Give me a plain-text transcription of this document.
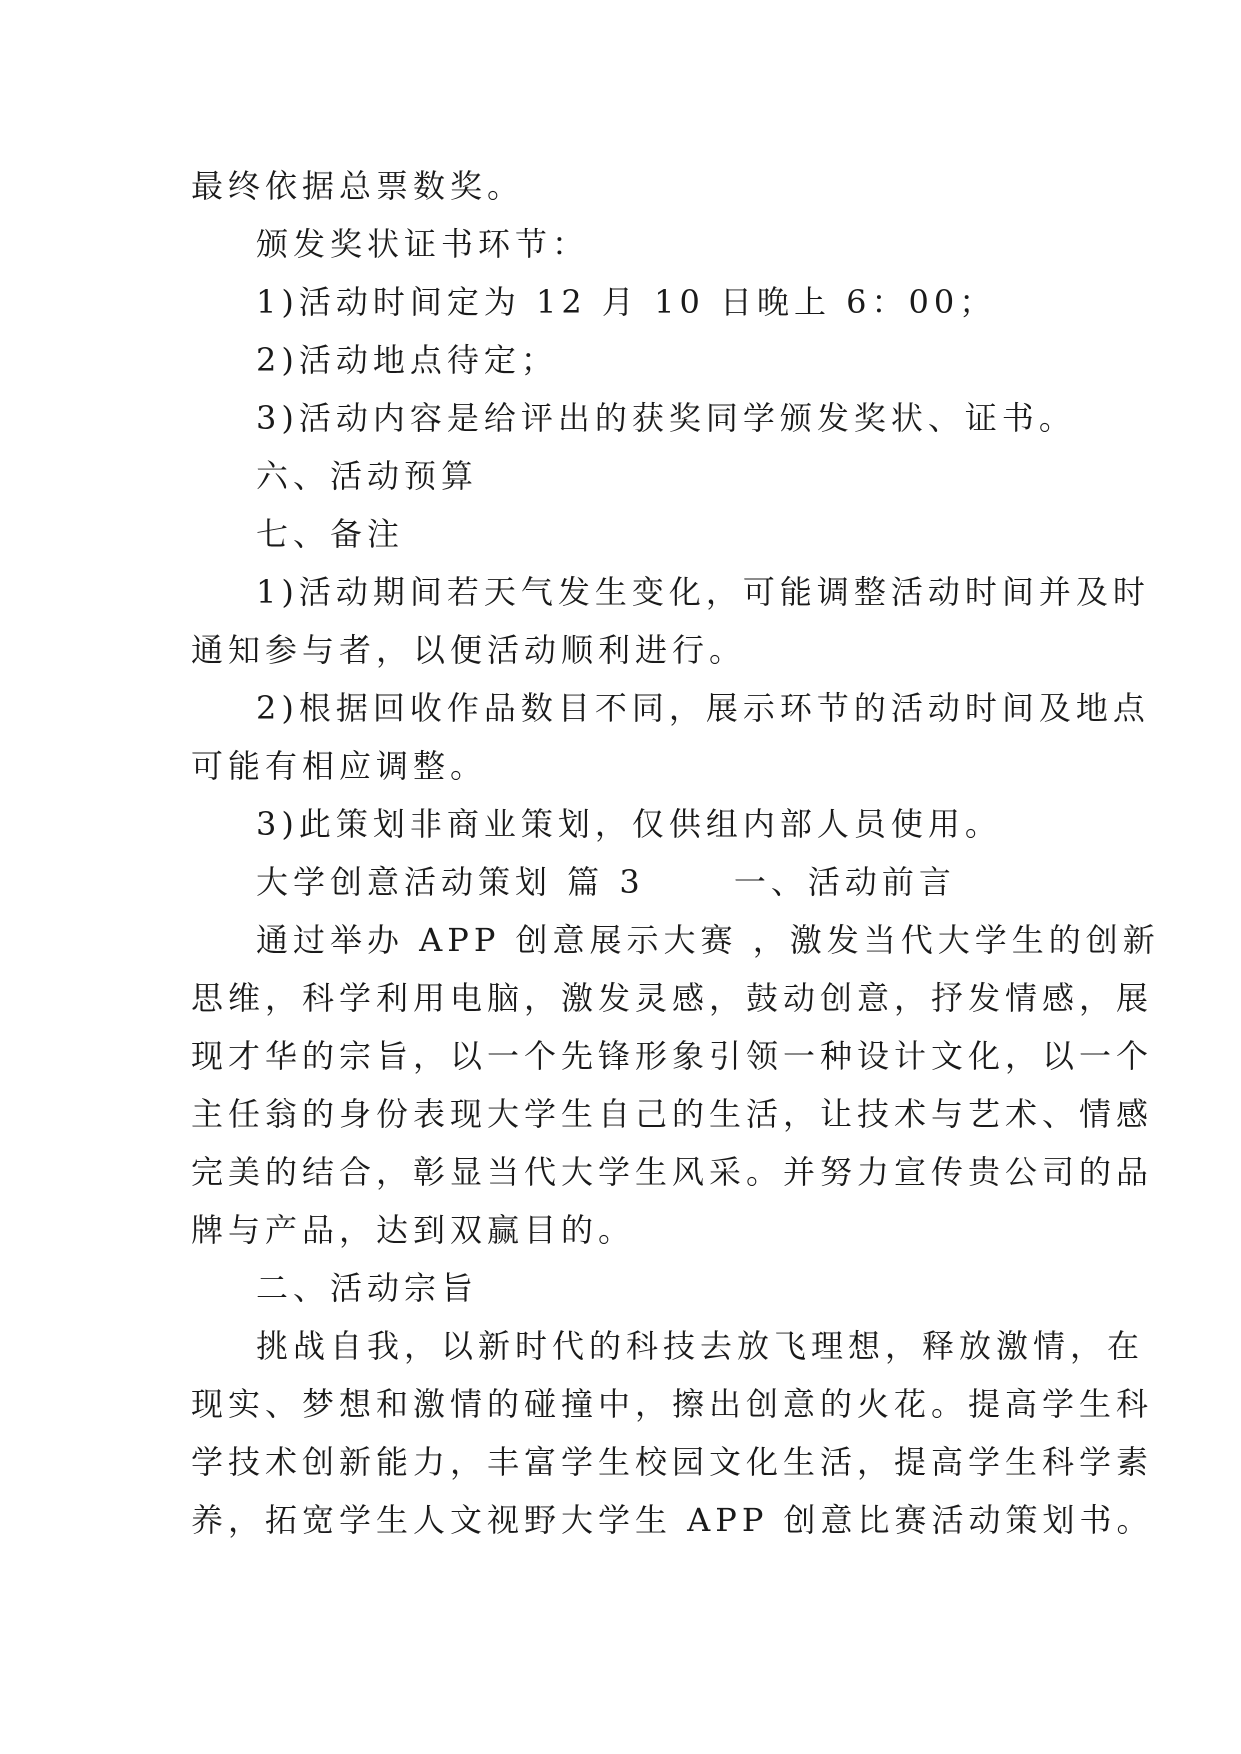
最终依据总票数奖。
颁发奖状证书环节：
1)活动时间定为 12 月 10 日晚上 6：00；
2)活动地点待定；
3)活动内容是给评出的获奖同学颁发奖状、证书。
六、活动预算
七、备注
1)活动期间若天气发生变化，可能调整活动时间并及时
通知参与者，以便活动顺利进行。
2)根据回收作品数目不同，展示环节的活动时间及地点
可能有相应调整。
3)此策划非商业策划，仅供组内部人员使用。
大学创意活动策划 篇 3　　 一、活动前言
通过举办 APP 创意展示大赛 ，激发当代大学生的创新
思维，科学利用电脑，激发灵感，鼓动创意，抒发情感，展
现才华的宗旨，以一个先锋形象引领一种设计文化，以一个
主任翁的身份表现大学生自己的生活，让技术与艺术、情感
完美的结合，彰显当代大学生风采。并努力宣传贵公司的品
牌与产品，达到双赢目的。
二、活动宗旨
挑战自我，以新时代的科技去放飞理想，释放激情，在
现实、梦想和激情的碰撞中，擦出创意的火花。提高学生科
学技术创新能力，丰富学生校园文化生活，提高学生科学素
养，拓宽学生人文视野大学生 APP 创意比赛活动策划书。
